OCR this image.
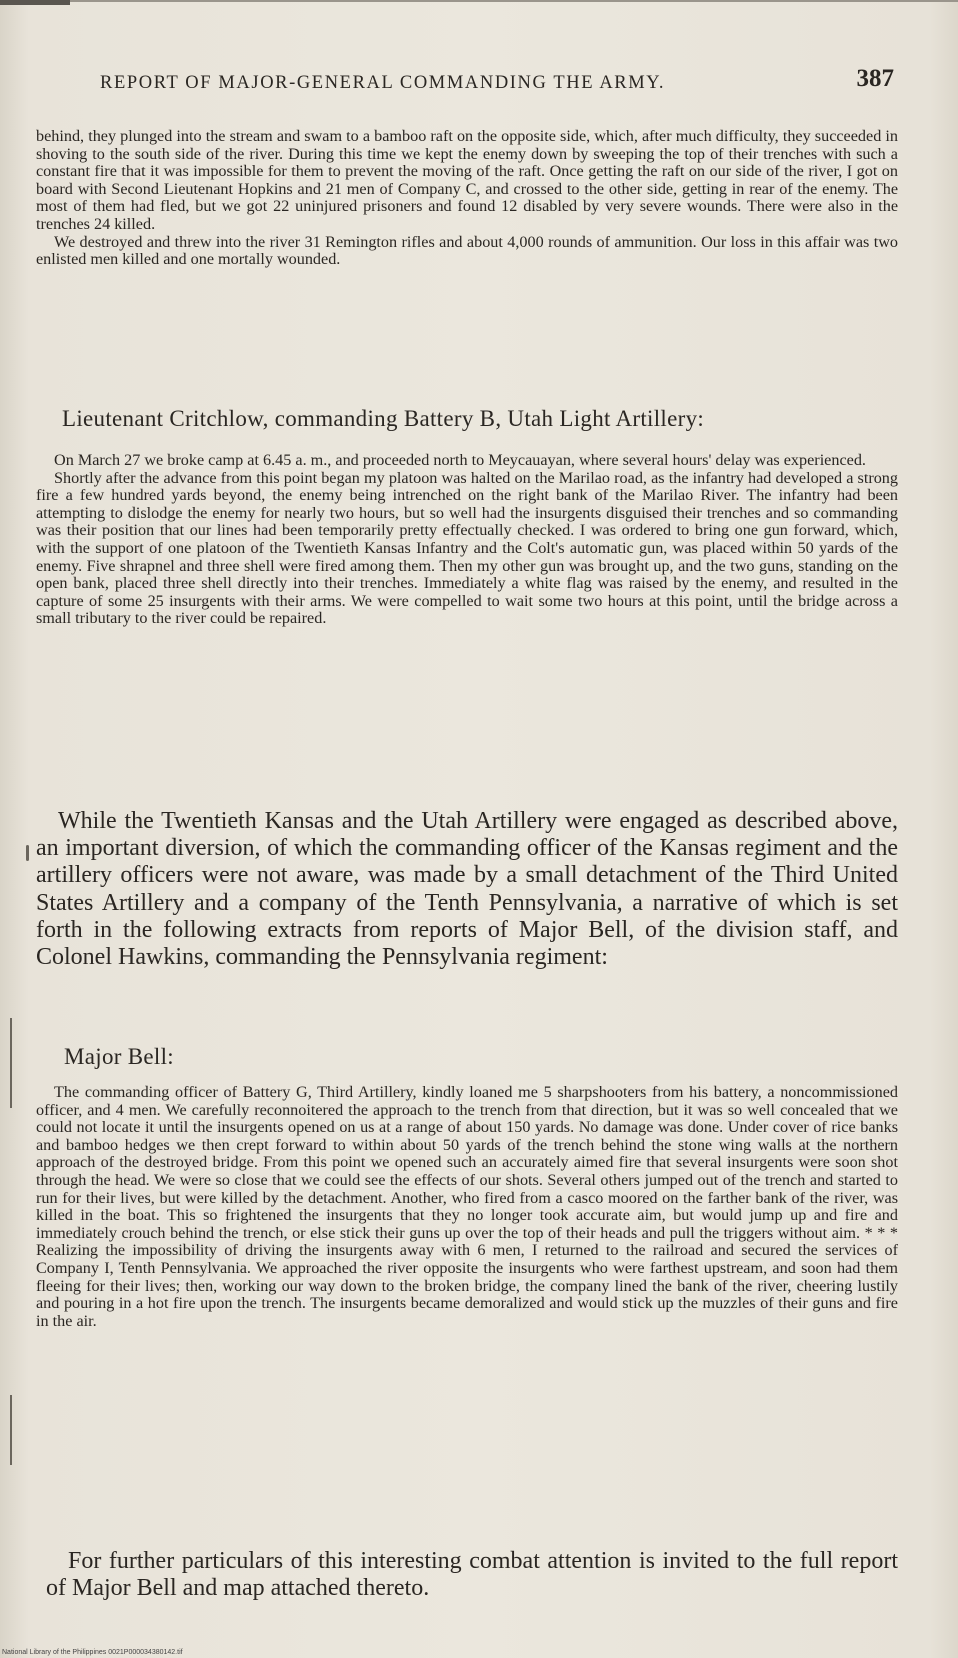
REPORT OF MAJOR-GENERAL COMMANDING THE ARMY.	387

behind, they plunged into the stream and swam to a bamboo raft on the opposite side, which, after much difficulty, they succeeded in shoving to the south side of the river. During this time we kept the enemy down by sweeping the top of their trenches with such a constant fire that it was impossible for them to prevent the moving of the raft. Once getting the raft on our side of the river, I got on board with Second Lieutenant Hopkins and 21 men of Company C, and crossed to the other side, getting in rear of the enemy. The most of them had fled, but we got 22 uninjured prisoners and found 12 disabled by very severe wounds. There were also in the trenches 24 killed.

We destroyed and threw into the river 31 Remington rifles and about 4,000 rounds of ammunition. Our loss in this affair was two enlisted men killed and one mortally wounded.

Lieutenant Critchlow, commanding Battery B, Utah Light Artillery:

On March 27 we broke camp at 6.45 a. m., and proceeded north to Meycauayan, where several hours' delay was experienced.

Shortly after the advance from this point began my platoon was halted on the Marilao road, as the infantry had developed a strong fire a few hundred yards beyond, the enemy being intrenched on the right bank of the Marilao River. The infantry had been attempting to dislodge the enemy for nearly two hours, but so well had the insurgents disguised their trenches and so commanding was their position that our lines had been temporarily pretty effectually checked. I was ordered to bring one gun forward, which, with the support of one platoon of the Twentieth Kansas Infantry and the Colt's automatic gun, was placed within 50 yards of the enemy. Five shrapnel and three shell were fired among them. Then my other gun was brought up, and the two guns, standing on the open bank, placed three shell directly into their trenches. Immediately a white flag was raised by the enemy, and resulted in the capture of some 25 insurgents with their arms. We were compelled to wait some two hours at this point, until the bridge across a small tributary to the river could be repaired.

While the Twentieth Kansas and the Utah Artillery were engaged as described above, an important diversion, of which the commanding officer of the Kansas regiment and the artillery officers were not aware, was made by a small detachment of the Third United States Artillery and a company of the Tenth Pennsylvania, a narrative of which is set forth in the following extracts from reports of Major Bell, of the division staff, and Colonel Hawkins, commanding the Pennsylvania regiment:

Major Bell:

The commanding officer of Battery G, Third Artillery, kindly loaned me 5 sharpshooters from his battery, a noncommissioned officer, and 4 men. We carefully reconnoitered the approach to the trench from that direction, but it was so well concealed that we could not locate it until the insurgents opened on us at a range of about 150 yards. No damage was done. Under cover of rice banks and bamboo hedges we then crept forward to within about 50 yards of the trench behind the stone wing walls at the northern approach of the destroyed bridge. From this point we opened such an accurately aimed fire that several insurgents were soon shot through the head. We were so close that we could see the effects of our shots. Several others jumped out of the trench and started to run for their lives, but were killed by the detachment. Another, who fired from a casco moored on the farther bank of the river, was killed in the boat. This so frightened the insurgents that they no longer took accurate aim, but would jump up and fire and immediately crouch behind the trench, or else stick their guns up over the top of their heads and pull the triggers without aim. * * * Realizing the impossibility of driving the insurgents away with 6 men, I returned to the railroad and secured the services of Company I, Tenth Pennsylvania. We approached the river opposite the insurgents who were farthest upstream, and soon had them fleeing for their lives; then, working our way down to the broken bridge, the company lined the bank of the river, cheering lustily and pouring in a hot fire upon the trench. The insurgents became demoralized and would stick up the muzzles of their guns and fire in the air.

For further particulars of this interesting combat attention is invited to the full report of Major Bell and map attached thereto.

National Library of the Philippines 0021P000034380142.tif
